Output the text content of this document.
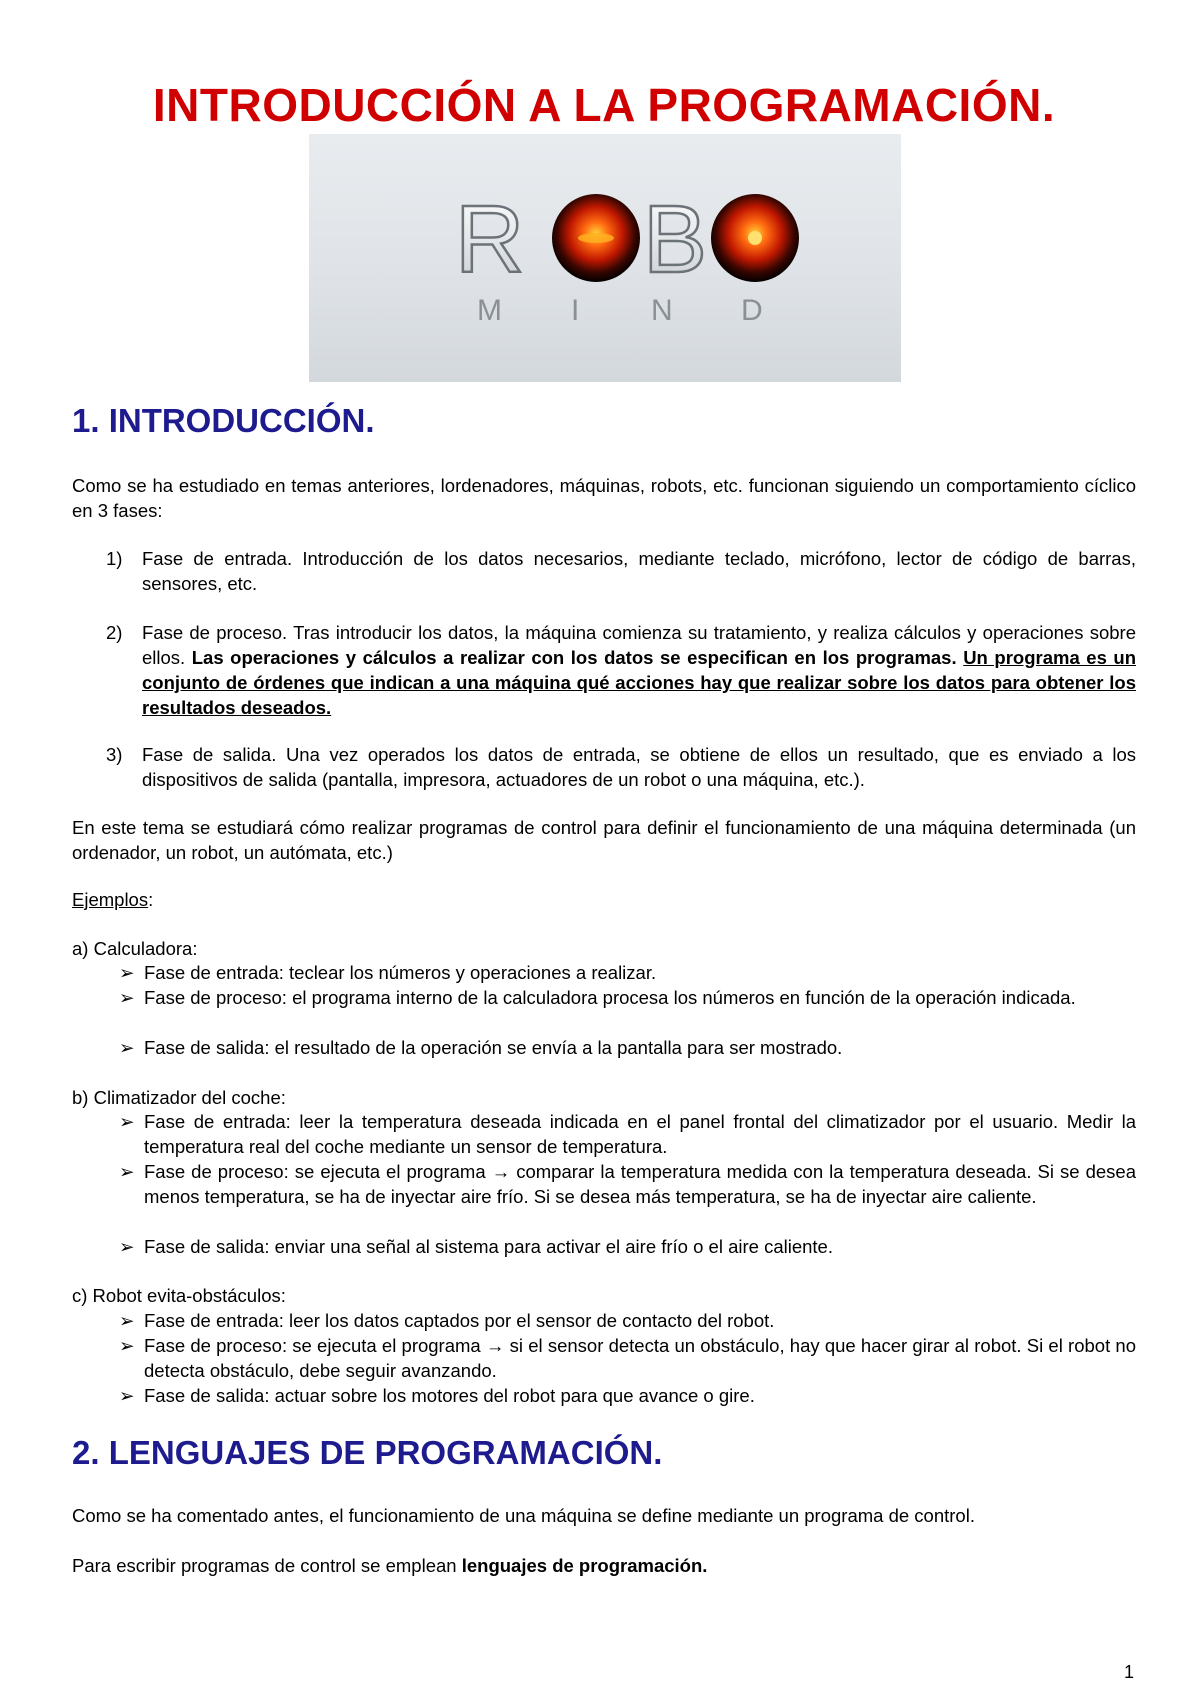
INTRODUCCIÓN A LA PROGRAMACIÓN.
R B
M I N D
1. INTRODUCCIÓN.

Como se ha estudiado en temas anteriores, lordenadores, máquinas, robots, etc. funcionan siguiendo un comportamiento cíclico en 3 fases:

1) Fase de entrada. Introducción de los datos necesarios, mediante teclado, micrófono, lector de código de barras, sensores, etc.
2) Fase de proceso. Tras introducir los datos, la máquina comienza su tratamiento, y realiza cálculos y operaciones sobre ellos. Las operaciones y cálculos a realizar con los datos se especifican en los programas. Un programa es un conjunto de órdenes que indican a una máquina qué acciones hay que realizar sobre los datos para obtener los resultados deseados.
3) Fase de salida. Una vez operados los datos de entrada, se obtiene de ellos un resultado, que es enviado a los dispositivos de salida (pantalla, impresora, actuadores de un robot o una máquina, etc.).

En este tema se estudiará cómo realizar programas de control para definir el funcionamiento de una máquina determinada (un ordenador, un robot, un autómata, etc.)

Ejemplos:

a) Calculadora:
➢ Fase de entrada: teclear los números y operaciones a realizar.
➢ Fase de proceso: el programa interno de la calculadora procesa los números en función de la operación indicada.
➢ Fase de salida: el resultado de la operación se envía a la pantalla para ser mostrado.
b) Climatizador del coche:
➢ Fase de entrada: leer la temperatura deseada indicada en el panel frontal del climatizador por el usuario. Medir la temperatura real del coche mediante un sensor de temperatura.
➢ Fase de proceso: se ejecuta el programa → comparar la temperatura medida con la temperatura deseada. Si se desea menos temperatura, se ha de inyectar aire frío. Si se desea más temperatura, se ha de inyectar aire caliente.
➢ Fase de salida: enviar una señal al sistema para activar el aire frío o el aire caliente.
c) Robot evita-obstáculos:
➢ Fase de entrada: leer los datos captados por el sensor de contacto del robot.
➢ Fase de proceso: se ejecuta el programa → si el sensor detecta un obstáculo, hay que hacer girar al robot. Si el robot no detecta obstáculo, debe seguir avanzando.
➢ Fase de salida: actuar sobre los motores del robot para que avance o gire.
2. LENGUAJES DE PROGRAMACIÓN.

Como se ha comentado antes, el funcionamiento de una máquina se define mediante un programa de control.

Para escribir programas de control se emplean lenguajes de programación.

1
